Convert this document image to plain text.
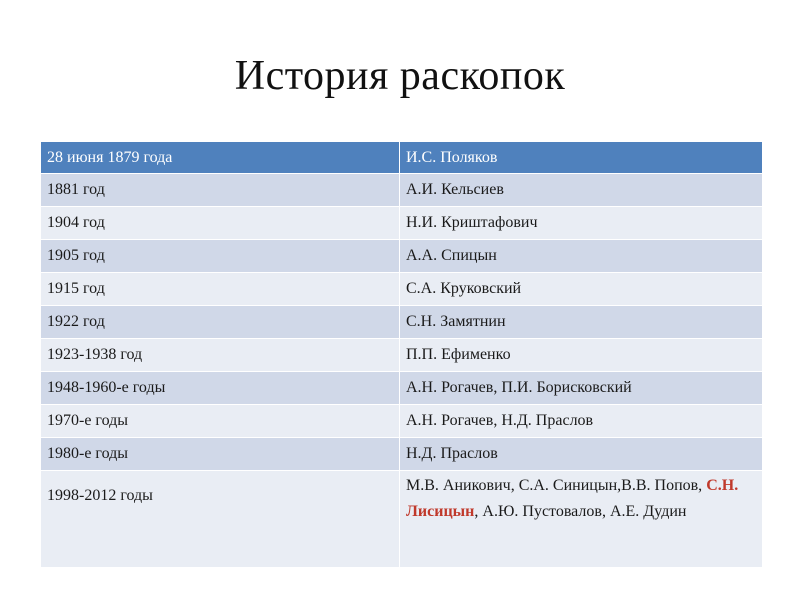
История раскопок
28 июня 1879 года	И.С. Поляков
1881 год	А.И. Кельсиев
1904 год	Н.И. Криштафович
1905 год	А.А. Спицын
1915 год	С.А. Круковский
1922 год	С.Н. Замятнин
1923-1938 год	П.П. Ефименко
1948-1960-е годы	А.Н. Рогачев, П.И. Борисковский
1970-е годы	А.Н. Рогачев, Н.Д. Праслов
1980-е годы	Н.Д. Праслов
1998-2012 годы	М.В. Аникович, С.А. Синицын,В.В. Попов, С.Н. Лисицын, А.Ю. Пустовалов, А.Е. Дудин
